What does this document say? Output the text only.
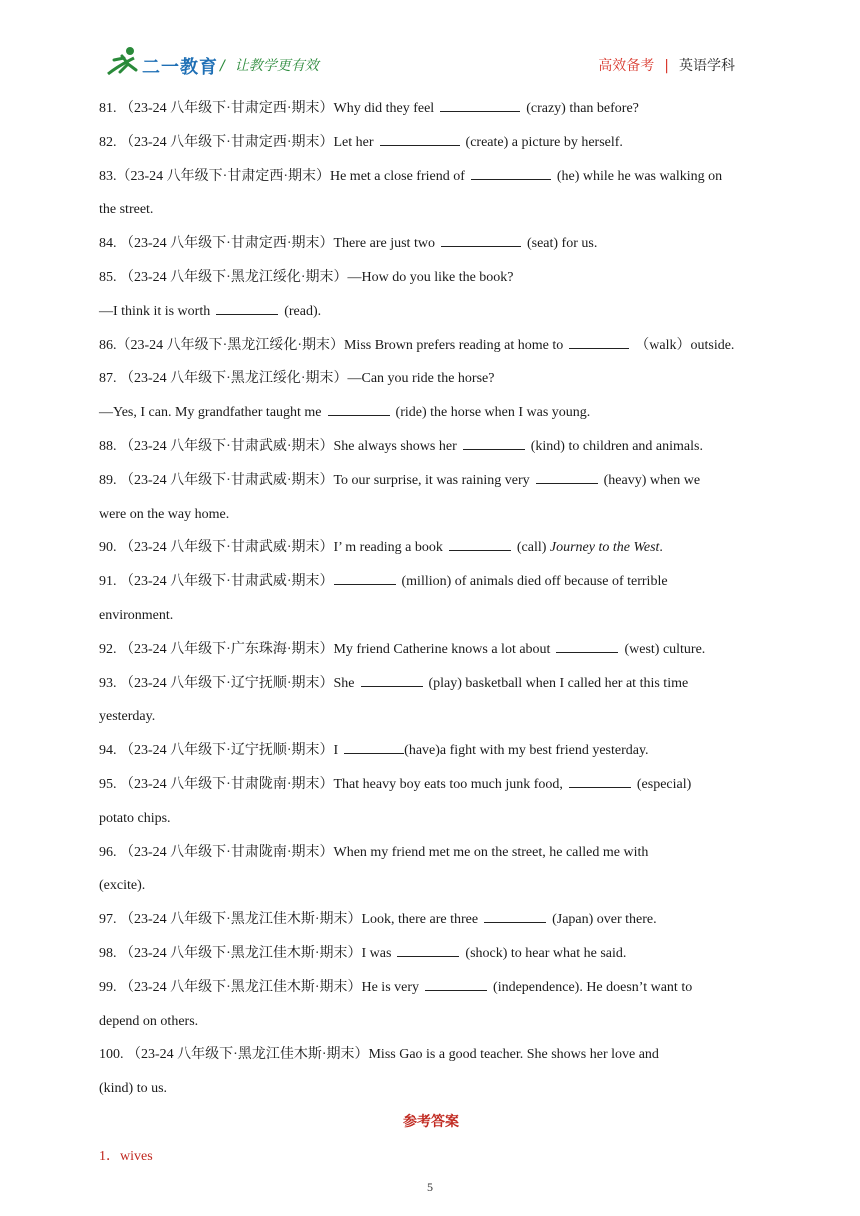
二一教育 / 让教学更有效	高效备考 | 英语学科
81. （23-24 八年级下·甘肃定西·期末）Why did they feel	(crazy) than before?
82. （23-24 八年级下·甘肃定西·期末）Let her	(create) a picture by herself.
83.（23-24 八年级下·甘肃定西·期末）He met a close friend of	(he) while he was walking on
the street.
84. （23-24 八年级下·甘肃定西·期末）There are just two	(seat) for us.
85. （23-24 八年级下·黑龙江绥化·期末）—How do you like the book?
—I think it is worth	(read).
86.（23-24 八年级下·黑龙江绥化·期末）Miss Brown prefers reading at home to	（walk）outside.
87. （23-24 八年级下·黑龙江绥化·期末）—Can you ride the horse?
—Yes, I can. My grandfather taught me	(ride) the horse when I was young.
88. （23-24 八年级下·甘肃武威·期末）She always shows her	(kind) to children and animals.
89. （23-24 八年级下·甘肃武威·期末）To our surprise, it was raining very	(heavy) when we
were on the way home.
90. （23-24 八年级下·甘肃武威·期末）I’ m reading a book	(call) Journey to the West.
91. （23-24 八年级下·甘肃武威·期末）	(million) of animals died off because of terrible
environment.
92. （23-24 八年级下·广东珠海·期末）My friend Catherine knows a lot about	(west) culture.
93. （23-24 八年级下·辽宁抚顺·期末）She	(play) basketball when I called her at this time
yesterday.
94. （23-24 八年级下·辽宁抚顺·期末）I	(have)a fight with my best friend yesterday.
95. （23-24 八年级下·甘肃陇南·期末）That heavy boy eats too much junk food,	(especial)
potato chips.
96. （23-24 八年级下·甘肃陇南·期末）When my friend met me on the street, he called me with
(excite).
97. （23-24 八年级下·黑龙江佳木斯·期末）Look, there are three	(Japan) over there.
98. （23-24 八年级下·黑龙江佳木斯·期末）I was	(shock) to hear what he said.
99. （23-24 八年级下·黑龙江佳木斯·期末）He is very	(independence). He doesn’t want to
depend on others.
100. （23-24 八年级下·黑龙江佳木斯·期末）Miss Gao is a good teacher. She shows her love and
(kind) to us.
参考答案
1．wives
5
